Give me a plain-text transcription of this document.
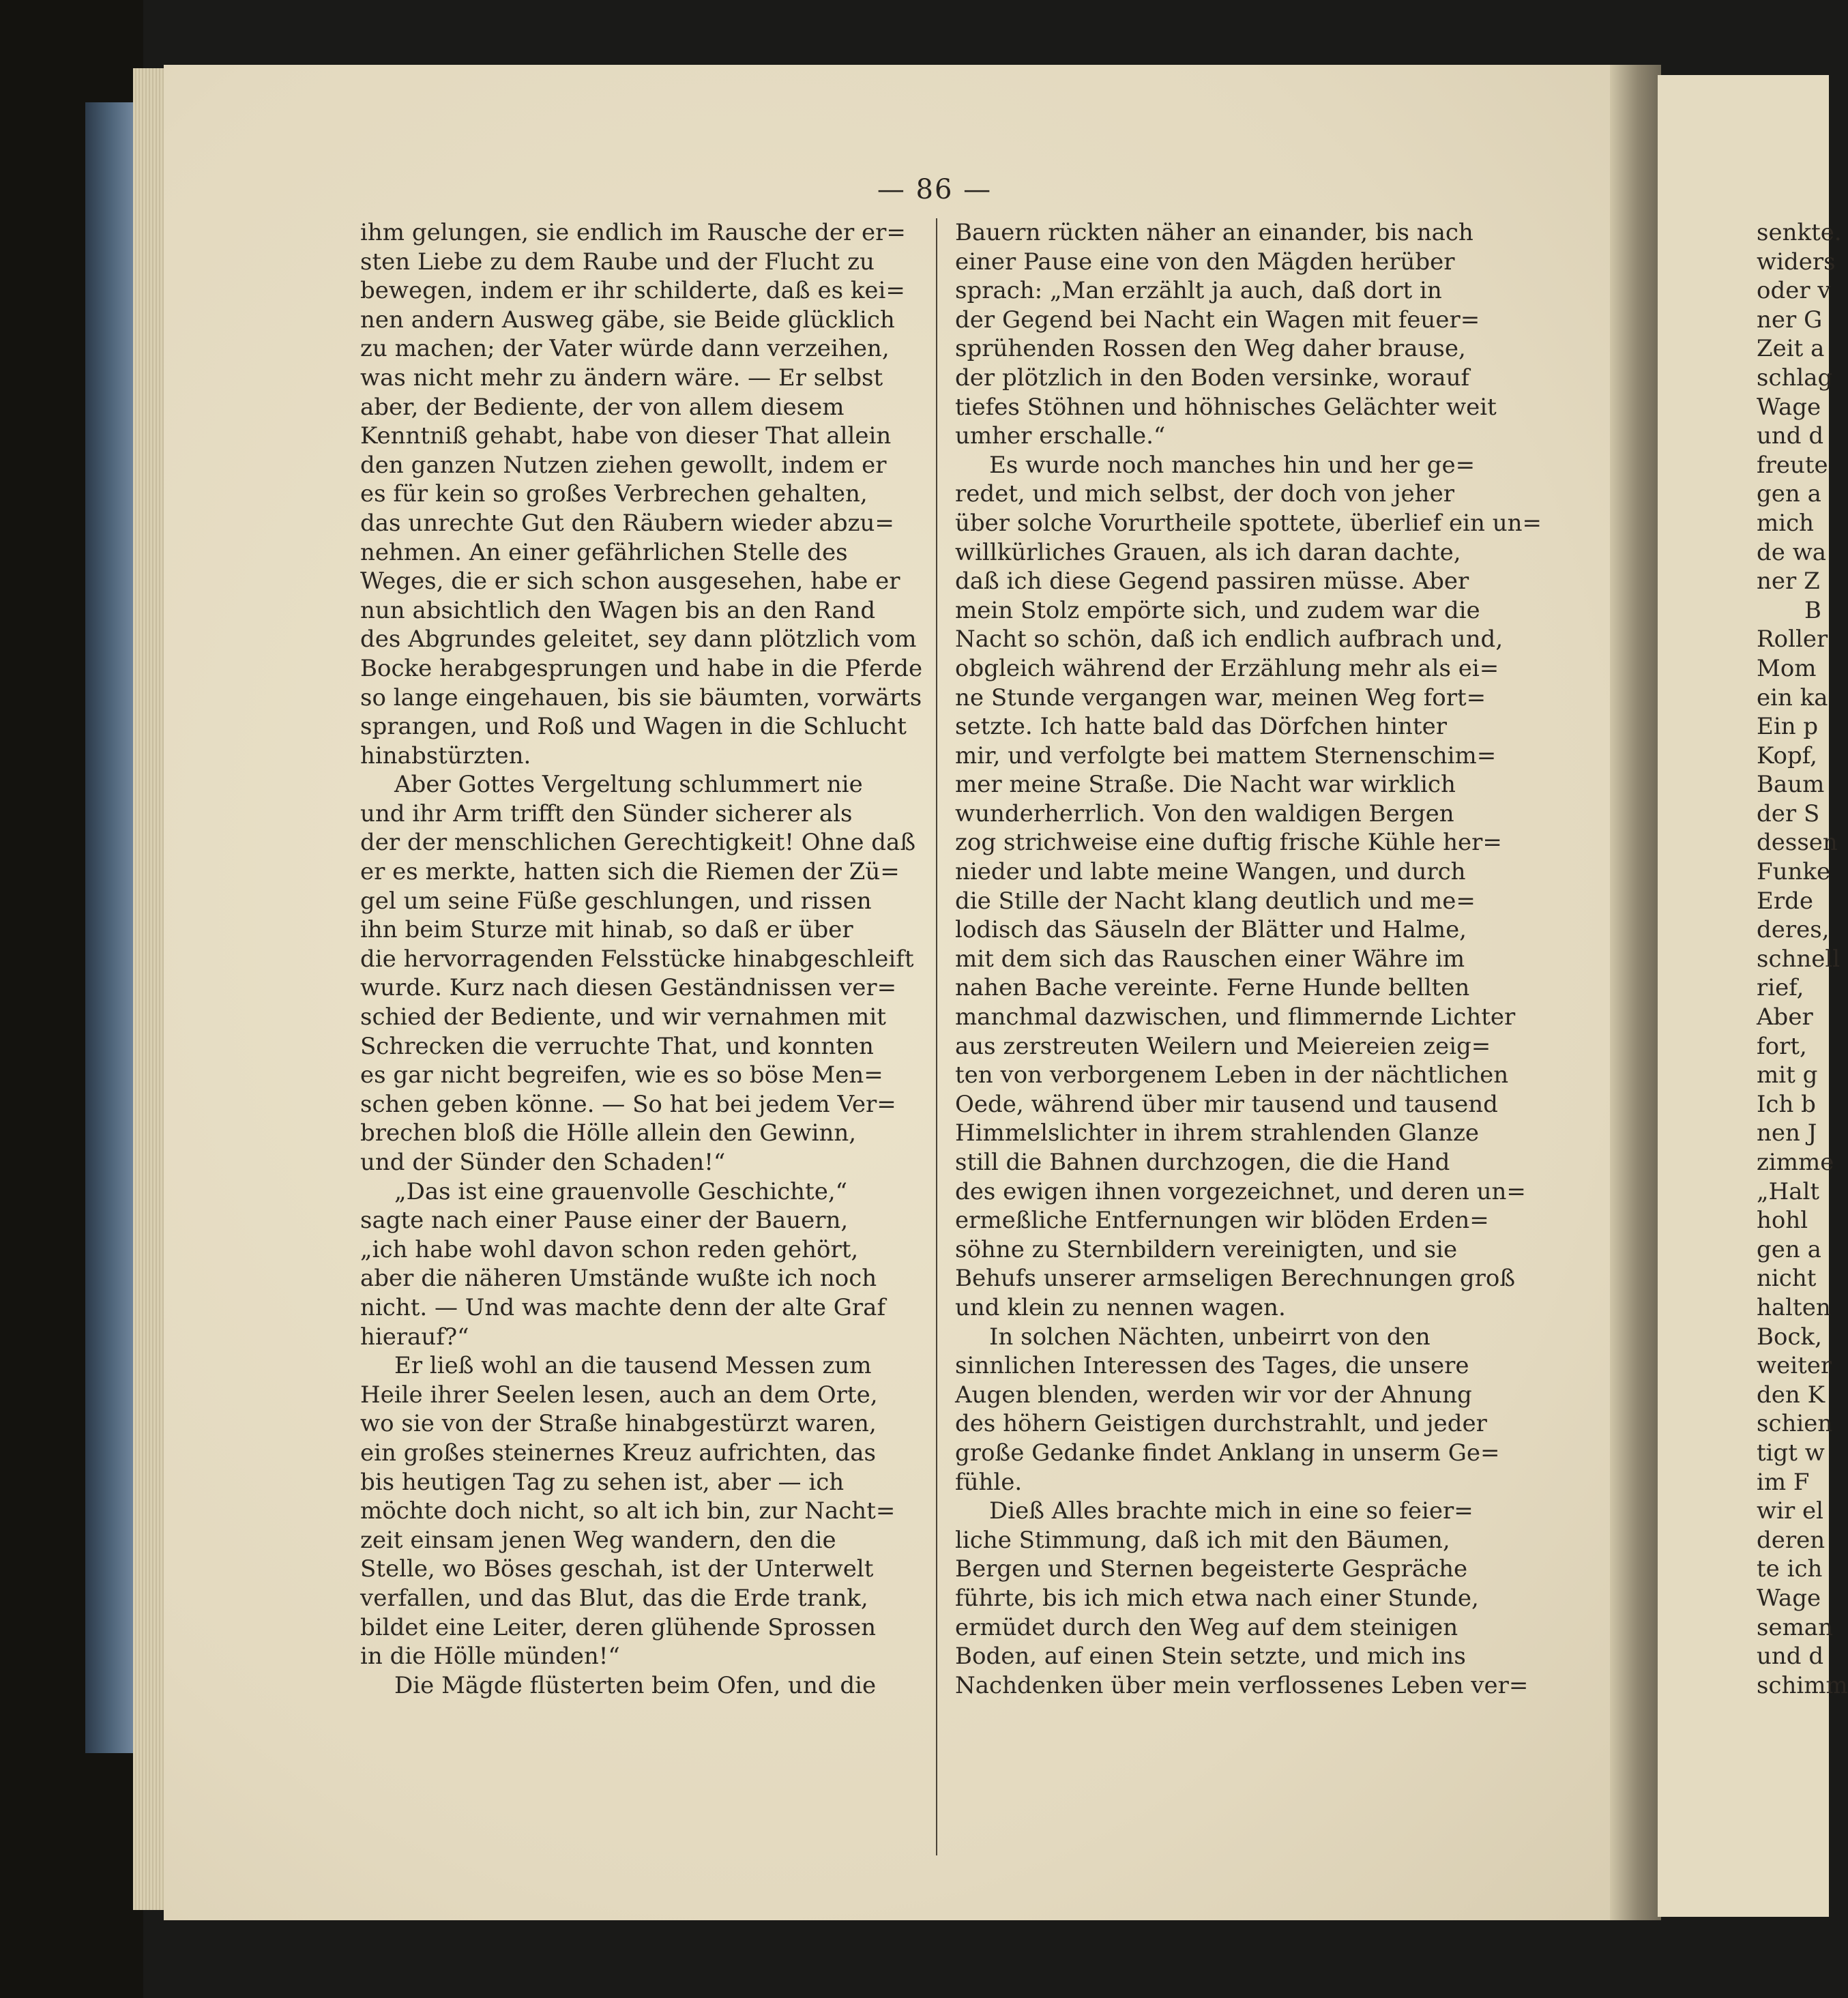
— 86 —

ihm gelungen, sie endlich im Rausche der er=

sten Liebe zu dem Raube und der Flucht zu

bewegen, indem er ihr schilderte, daß es kei=

nen andern Ausweg gäbe, sie Beide glücklich

zu machen; der Vater würde dann verzeihen,

was nicht mehr zu ändern wäre. — Er selbst

aber, der Bediente, der von allem diesem

Kenntniß gehabt, habe von dieser That allein

den ganzen Nutzen ziehen gewollt, indem er

es für kein so großes Verbrechen gehalten,

das unrechte Gut den Räubern wieder abzu=

nehmen. An einer gefährlichen Stelle des

Weges, die er sich schon ausgesehen, habe er

nun absichtlich den Wagen bis an den Rand

des Abgrundes geleitet, sey dann plötzlich vom

Bocke herabgesprungen und habe in die Pferde

so lange eingehauen, bis sie bäumten, vorwärts

sprangen, und Roß und Wagen in die Schlucht

hinabstürzten.

Aber Gottes Vergeltung schlummert nie

und ihr Arm trifft den Sünder sicherer als

der der menschlichen Gerechtigkeit! Ohne daß

er es merkte, hatten sich die Riemen der Zü=

gel um seine Füße geschlungen, und rissen

ihn beim Sturze mit hinab, so daß er über

die hervorragenden Felsstücke hinabgeschleift

wurde. Kurz nach diesen Geständnissen ver=

schied der Bediente, und wir vernahmen mit

Schrecken die verruchte That, und konnten

es gar nicht begreifen, wie es so böse Men=

schen geben könne. — So hat bei jedem Ver=

brechen bloß die Hölle allein den Gewinn,

und der Sünder den Schaden!“

„Das ist eine grauenvolle Geschichte,“

sagte nach einer Pause einer der Bauern,

„ich habe wohl davon schon reden gehört,

aber die näheren Umstände wußte ich noch

nicht. — Und was machte denn der alte Graf

hierauf?“

Er ließ wohl an die tausend Messen zum

Heile ihrer Seelen lesen, auch an dem Orte,

wo sie von der Straße hinabgestürzt waren,

ein großes steinernes Kreuz aufrichten, das

bis heutigen Tag zu sehen ist, aber — ich

möchte doch nicht, so alt ich bin, zur Nacht=

zeit einsam jenen Weg wandern, den die

Stelle, wo Böses geschah, ist der Unterwelt

verfallen, und das Blut, das die Erde trank,

bildet eine Leiter, deren glühende Sprossen

in die Hölle münden!“

Die Mägde flüsterten beim Ofen, und die

Bauern rückten näher an einander, bis nach

einer Pause eine von den Mägden herüber

sprach: „Man erzählt ja auch, daß dort in

der Gegend bei Nacht ein Wagen mit feuer=

sprühenden Rossen den Weg daher brause,

der plötzlich in den Boden versinke, worauf

tiefes Stöhnen und höhnisches Gelächter weit

umher erschalle.“

Es wurde noch manches hin und her ge=

redet, und mich selbst, der doch von jeher

über solche Vorurtheile spottete, überlief ein un=

willkürliches Grauen, als ich daran dachte,

daß ich diese Gegend passiren müsse. Aber

mein Stolz empörte sich, und zudem war die

Nacht so schön, daß ich endlich aufbrach und,

obgleich während der Erzählung mehr als ei=

ne Stunde vergangen war, meinen Weg fort=

setzte. Ich hatte bald das Dörfchen hinter

mir, und verfolgte bei mattem Sternenschim=

mer meine Straße. Die Nacht war wirklich

wunderherrlich. Von den waldigen Bergen

zog strichweise eine duftig frische Kühle her=

nieder und labte meine Wangen, und durch

die Stille der Nacht klang deutlich und me=

lodisch das Säuseln der Blätter und Halme,

mit dem sich das Rauschen einer Währe im

nahen Bache vereinte. Ferne Hunde bellten

manchmal dazwischen, und flimmernde Lichter

aus zerstreuten Weilern und Meiereien zeig=

ten von verborgenem Leben in der nächtlichen

Oede, während über mir tausend und tausend

Himmelslichter in ihrem strahlenden Glanze

still die Bahnen durchzogen, die die Hand

des ewigen ihnen vorgezeichnet, und deren un=

ermeßliche Entfernungen wir blöden Erden=

söhne zu Sternbildern vereinigten, und sie

Behufs unserer armseligen Berechnungen groß

und klein zu nennen wagen.

In solchen Nächten, unbeirrt von den

sinnlichen Interessen des Tages, die unsere

Augen blenden, werden wir vor der Ahnung

des höhern Geistigen durchstrahlt, und jeder

große Gedanke findet Anklang in unserm Ge=

fühle.

Dieß Alles brachte mich in eine so feier=

liche Stimmung, daß ich mit den Bäumen,

Bergen und Sternen begeisterte Gespräche

führte, bis ich mich etwa nach einer Stunde,

ermüdet durch den Weg auf dem steinigen

Boden, auf einen Stein setzte, und mich ins

Nachdenken über mein verflossenes Leben ver=

senkte.

widers

oder v

ner G

Zeit a

schlag

Wage

und d

freute

gen a

mich

de wa

ner Z

B

Roller

Mom

ein ka

Ein p

Kopf,

Baum

der S

dessen

Funke

Erde

deres,

schnell

rief,

Aber

fort,

mit g

Ich b

nen J

zimme

„Halt

hohl

gen a

nicht

halten

Bock,

weiter

den K

schien

tigt w

im F

wir el

deren

te ich

Wage

seman

und d

schimm
